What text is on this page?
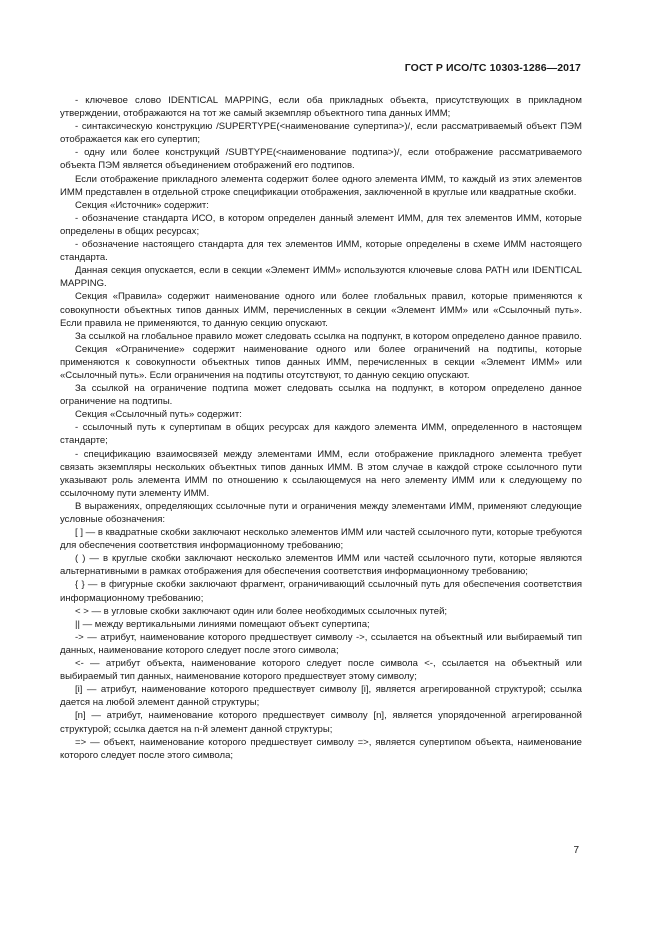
ГОСТ Р ИСО/ТС 10303-1286—2017

- ключевое слово IDENTICAL MAPPING, если оба прикладных объекта, присутствующих в прикладном утверждении, отображаются на тот же самый экземпляр объектного типа данных ИММ;

- синтаксическую конструкцию /SUPERTYPE(<наименование супертипа>)/, если рассматриваемый объект ПЭМ отображается как его супертип;

- одну или более конструкций /SUBTYPE(<наименование подтипа>)/, если отображение рассматриваемого объекта ПЭМ является объединением отображений его подтипов.

Если отображение прикладного элемента содержит более одного элемента ИММ, то каждый из этих элементов ИММ представлен в отдельной строке спецификации отображения, заключенной в круглые или квадратные скобки.

Секция «Источник» содержит:

- обозначение стандарта ИСО, в котором определен данный элемент ИММ, для тех элементов ИММ, которые определены в общих ресурсах;

- обозначение настоящего стандарта для тех элементов ИММ, которые определены в схеме ИММ настоящего стандарта.

Данная секция опускается, если в секции «Элемент ИММ» используются ключевые слова PATH или IDENTICAL MAPPING.

Секция «Правила» содержит наименование одного или более глобальных правил, которые применяются к совокупности объектных типов данных ИММ, перечисленных в секции «Элемент ИММ» или «Ссылочный путь». Если правила не применяются, то данную секцию опускают.

За ссылкой на глобальное правило может следовать ссылка на подпункт, в котором определено данное правило.

Секция «Ограничение» содержит наименование одного или более ограничений на подтипы, которые применяются к совокупности объектных типов данных ИММ, перечисленных в секции «Элемент ИММ» или «Ссылочный путь». Если ограничения на подтипы отсутствуют, то данную секцию опускают.

За ссылкой на ограничение подтипа может следовать ссылка на подпункт, в котором определено данное ограничение на подтипы.

Секция «Ссылочный путь» содержит:

- ссылочный путь к супертипам в общих ресурсах для каждого элемента ИММ, определенного в настоящем стандарте;

- спецификацию взаимосвязей между элементами ИММ, если отображение прикладного элемента требует связать экземпляры нескольких объектных типов данных ИММ. В этом случае в каждой строке ссылочного пути указывают роль элемента ИММ по отношению к ссылающемуся на него элементу ИММ или к следующему по ссылочному пути элементу ИММ.

В выражениях, определяющих ссылочные пути и ограничения между элементами ИММ, применяют следующие условные обозначения:

[ ] — в квадратные скобки заключают несколько элементов ИММ или частей ссылочного пути, которые требуются для обеспечения соответствия информационному требованию;

( ) — в круглые скобки заключают несколько элементов ИММ или частей ссылочного пути, которые являются альтернативными в рамках отображения для обеспечения соответствия информационному требованию;

{ } — в фигурные скобки заключают фрагмент, ограничивающий ссылочный путь для обеспечения соответствия информационному требованию;

< > — в угловые скобки заключают один или более необходимых ссылочных путей;

|| — между вертикальными линиями помещают объект супертипа;

-> — атрибут, наименование которого предшествует символу ->, ссылается на объектный или выбираемый тип данных, наименование которого следует после этого символа;

<- — атрибут объекта, наименование которого следует после символа <-, ссылается на объектный или выбираемый тип данных, наименование которого предшествует этому символу;

[i] — атрибут, наименование которого предшествует символу [i], является агрегированной структурой; ссылка дается на любой элемент данной структуры;

[n] — атрибут, наименование которого предшествует символу [n], является упорядоченной агрегированной структурой; ссылка дается на n-й элемент данной структуры;

=> — объект, наименование которого предшествует символу =>, является супертипом объекта, наименование которого следует после этого символа;

7
